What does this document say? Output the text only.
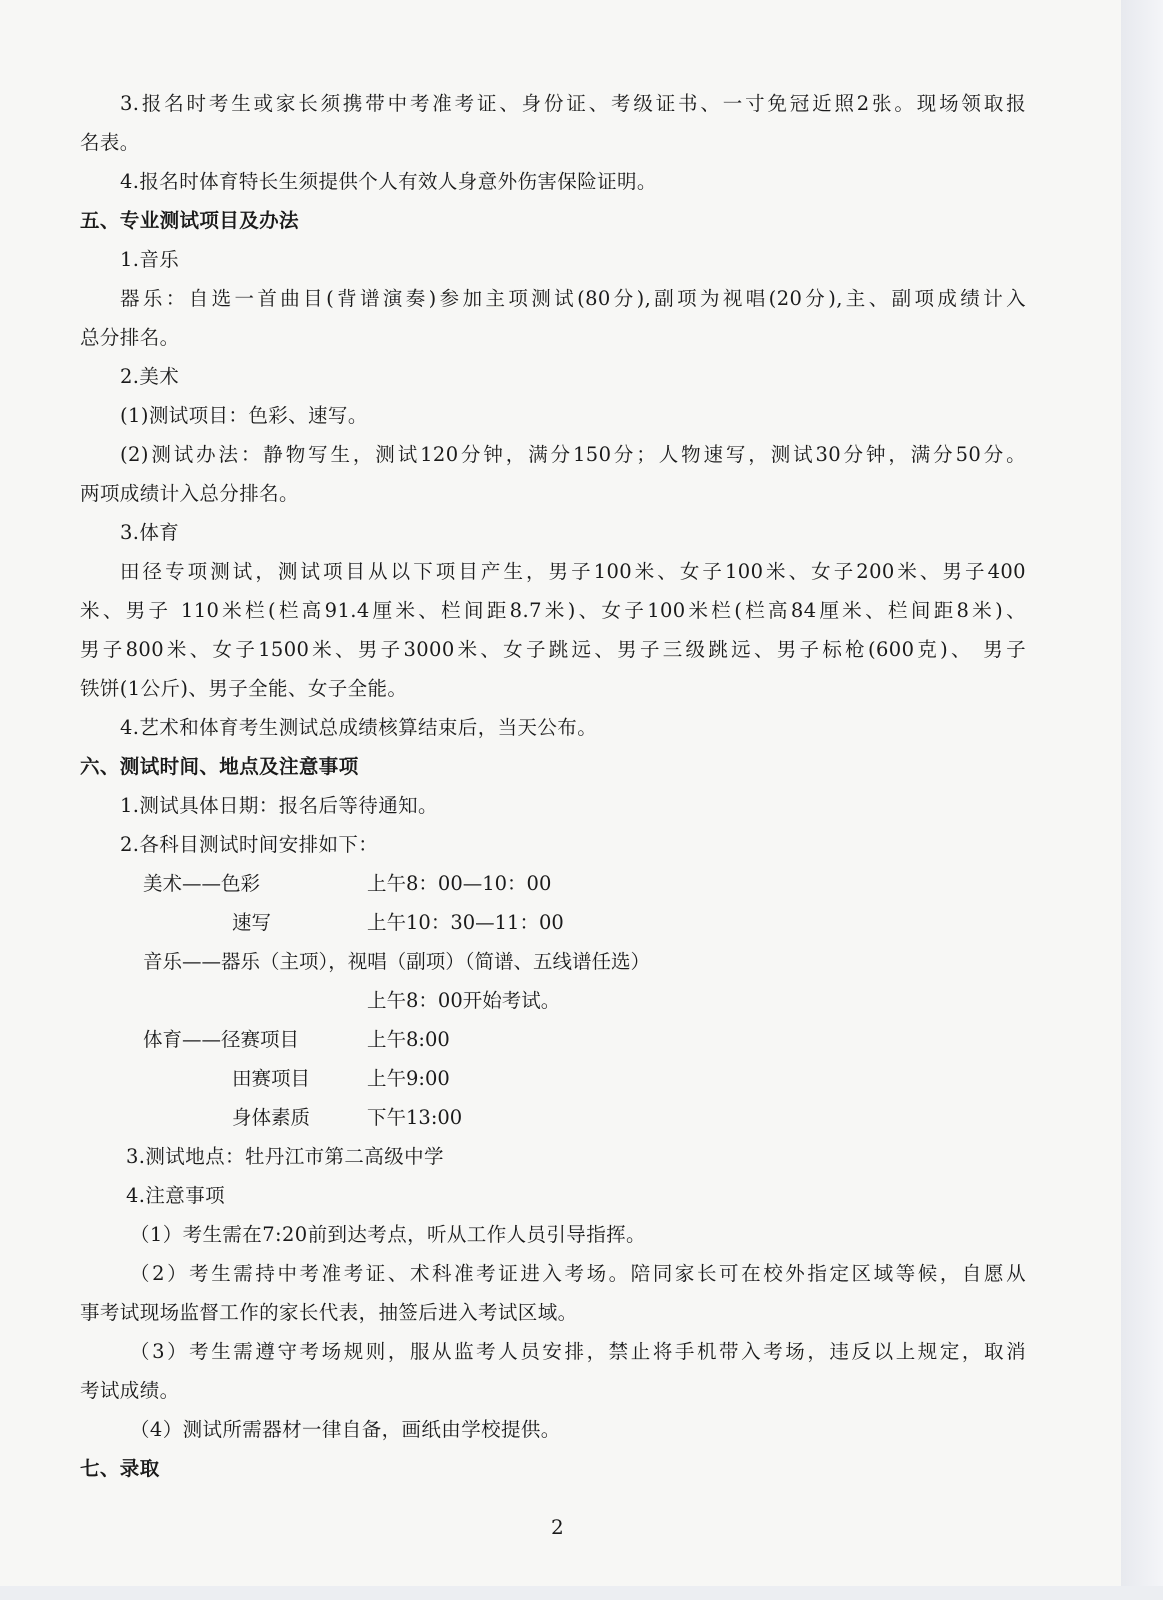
3.报名时考生或家长须携带中考准考证、身份证、考级证书、一寸免冠近照2张。现场领取报
名表。
4.报名时体育特长生须提供个人有效人身意外伤害保险证明。
五、专业测试项目及办法
1.音乐
器乐：自选一首曲目(背谱演奏)参加主项测试(80分),副项为视唱(20分),主、副项成绩计入
总分排名。
2.美术
(1)测试项目：色彩、速写。
(2)测试办法：静物写生，测试120分钟，满分150分；人物速写，测试30分钟，满分50分。
两项成绩计入总分排名。
3.体育
田径专项测试，测试项目从以下项目产生，男子100米、女子100米、女子200米、男子400
米、男子 110米栏(栏高91.4厘米、栏间距8.7米)、女子100米栏(栏高84厘米、栏间距8米)、
男子800米、女子1500米、男子3000米、女子跳远、男子三级跳远、男子标枪(600克)、 男子
铁饼(1公斤)、男子全能、女子全能。
4.艺术和体育考生测试总成绩核算结束后，当天公布。
六、测试时间、地点及注意事项
1.测试具体日期：报名后等待通知。
2.各科目测试时间安排如下：
美术——色彩	上午8：00—10：00
速写	上午10：30—11：00
音乐——器乐（主项），视唱（副项）（简谱、五线谱任选）
上午8：00开始考试。
体育——径赛项目	上午8:00
田赛项目	上午9:00
身体素质	下午13:00
3.测试地点：牡丹江市第二高级中学
4.注意事项
（1）考生需在7:20前到达考点，听从工作人员引导指挥。
（2）考生需持中考准考证、术科准考证进入考场。陪同家长可在校外指定区域等候，自愿从
事考试现场监督工作的家长代表，抽签后进入考试区域。
（3）考生需遵守考场规则，服从监考人员安排，禁止将手机带入考场，违反以上规定，取消
考试成绩。
（4）测试所需器材一律自备，画纸由学校提供。
七、录取
2
